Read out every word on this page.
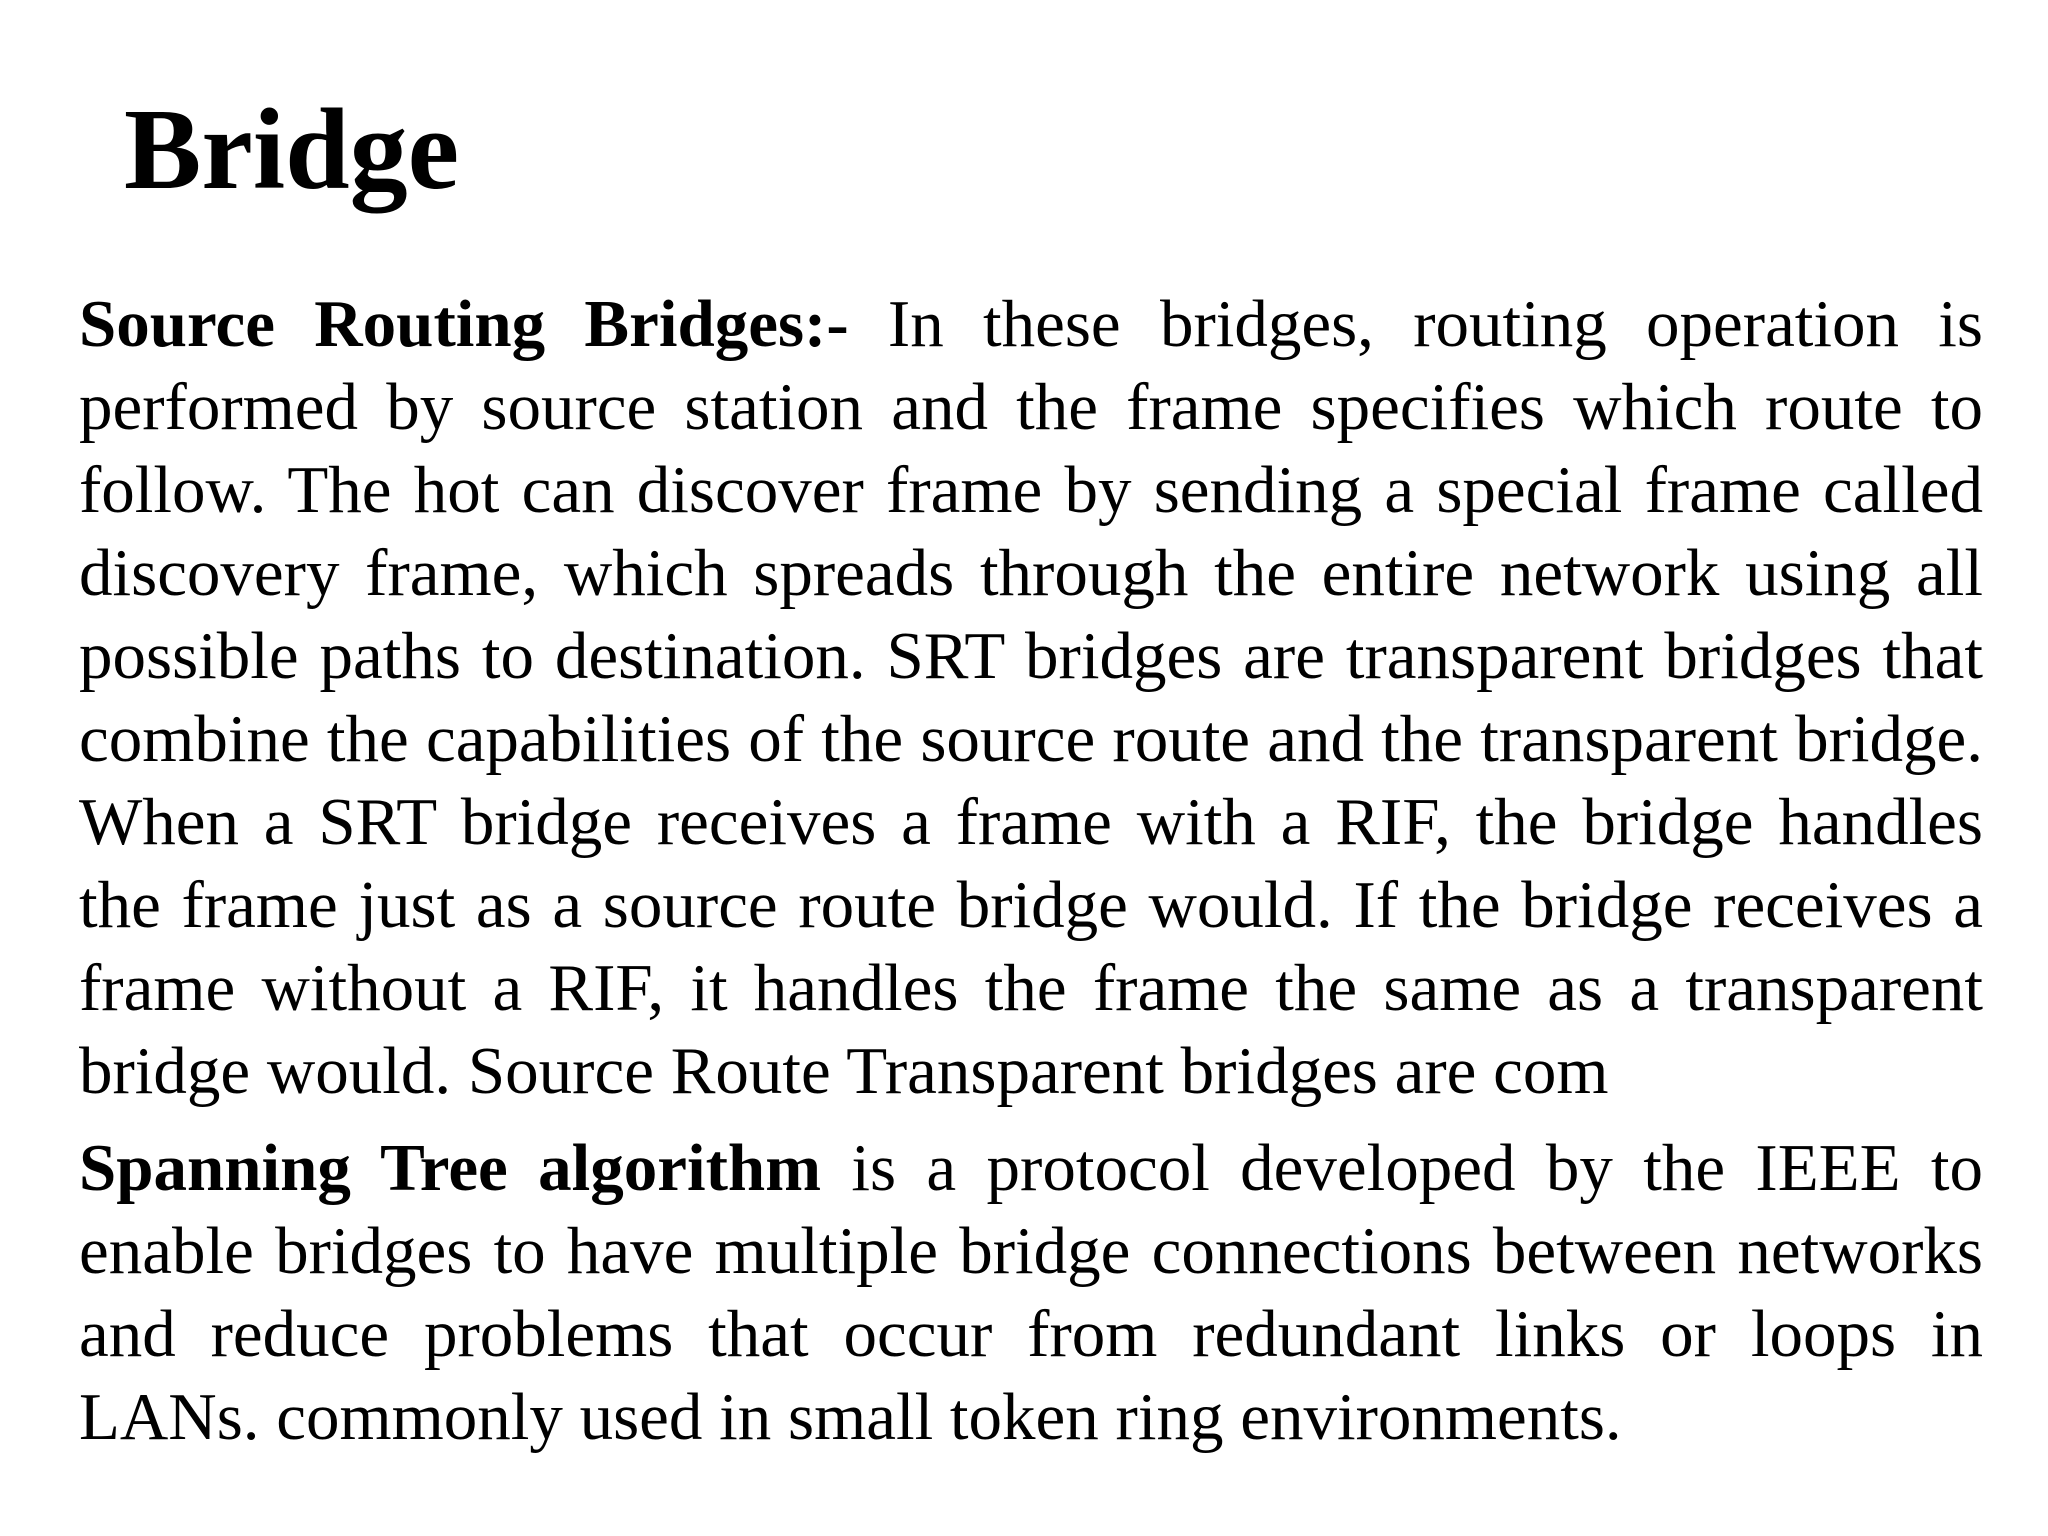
Bridge

Source Routing Bridges:- In these bridges, routing operation is performed by source station and the frame specifies which route to follow. The hot can discover frame by sending a special frame called discovery frame, which spreads through the entire network using all possible paths to destination. SRT bridges are transparent bridges that combine the capabilities of the source route and the transparent bridge. When a SRT bridge receives a frame with a RIF, the bridge handles the frame just as a source route bridge would. If the bridge receives a frame without a RIF, it handles the frame the same as a transparent bridge would. Source Route Transparent bridges are com

Spanning Tree algorithm is a protocol developed by the IEEE to enable bridges to have multiple bridge connections between networks and reduce problems that occur from redundant links or loops in LANs. commonly used in small token ring environments.
